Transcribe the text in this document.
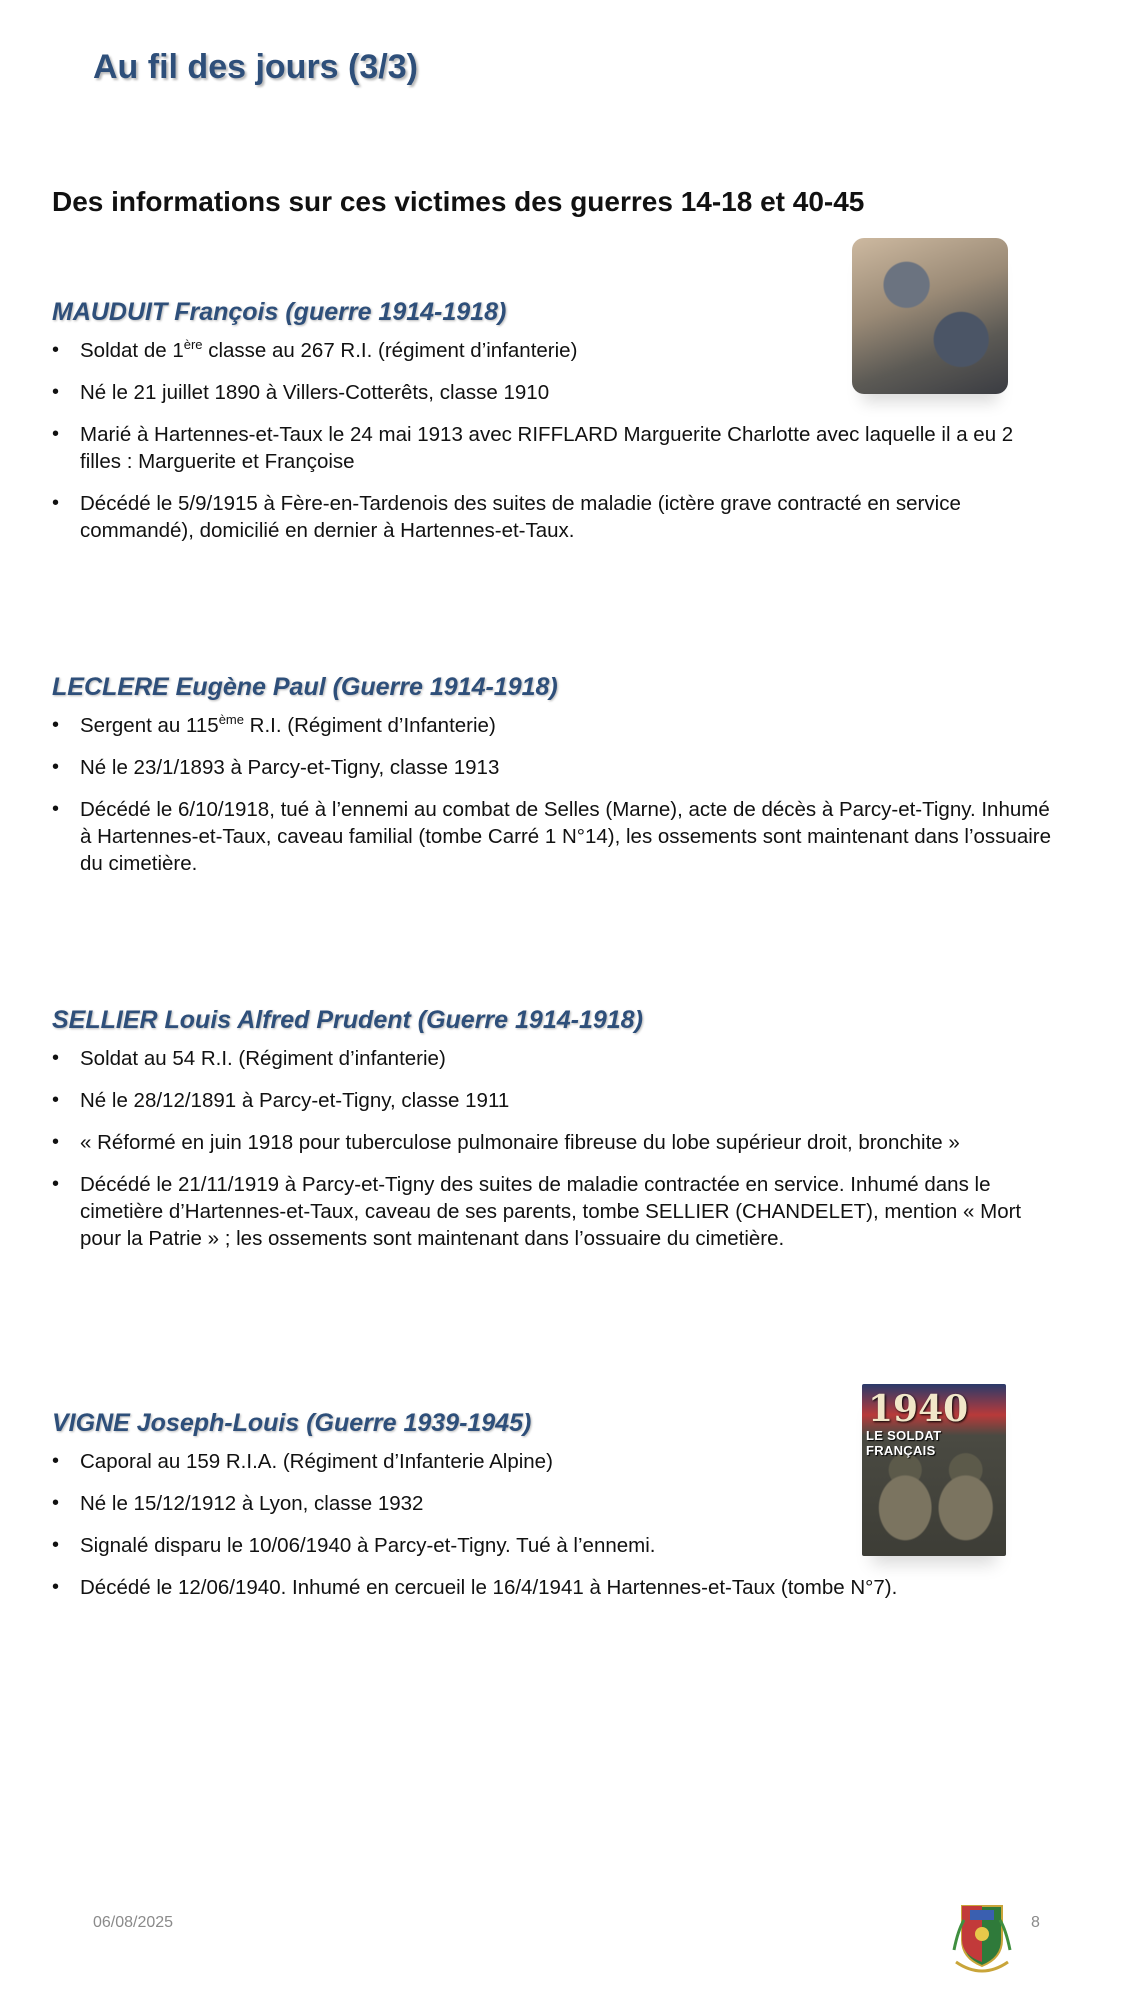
Au fil des jours (3/3)
Des informations sur ces victimes des guerres 14-18 et 40-45
MAUDUIT François (guerre 1914-1918)
• Soldat de 1ère classe au 267 R.I. (régiment d’infanterie)
• Né le 21 juillet 1890 à Villers-Cotterêts, classe 1910
• Marié à Hartennes-et-Taux le 24 mai 1913 avec RIFFLARD Marguerite Charlotte avec laquelle il a eu 2 filles : Marguerite et Françoise
• Décédé le 5/9/1915 à Fère-en-Tardenois des suites de maladie (ictère grave contracté en service commandé), domicilié en dernier à Hartennes-et-Taux.
LECLERE Eugène Paul (Guerre 1914-1918)
• Sergent au 115ème R.I. (Régiment d’Infanterie)
• Né le 23/1/1893 à Parcy-et-Tigny, classe 1913
• Décédé le 6/10/1918, tué à l’ennemi au combat de Selles (Marne), acte de décès à Parcy-et-Tigny. Inhumé à Hartennes-et-Taux, caveau familial (tombe Carré 1 N°14), les ossements sont maintenant dans l’ossuaire du cimetière.
SELLIER Louis Alfred Prudent (Guerre 1914-1918)
• Soldat au 54 R.I. (Régiment d’infanterie)
• Né le 28/12/1891 à Parcy-et-Tigny, classe 1911
• « Réformé en juin 1918 pour tuberculose pulmonaire fibreuse du lobe supérieur droit, bronchite »
• Décédé le 21/11/1919 à Parcy-et-Tigny des suites de maladie contractée en service. Inhumé dans le cimetière d’Hartennes-et-Taux, caveau de ses parents, tombe SELLIER (CHANDELET), mention « Mort pour la Patrie » ; les ossements sont maintenant dans l’ossuaire du cimetière.
VIGNE Joseph-Louis (Guerre 1939-1945)
• Caporal au 159 R.I.A. (Régiment d’Infanterie Alpine)
• Né le 15/12/1912 à Lyon, classe 1932
• Signalé disparu le 10/06/1940 à Parcy-et-Tigny. Tué à l’ennemi.
• Décédé le 12/06/1940. Inhumé en cercueil le 16/4/1941 à Hartennes-et-Taux (tombe N°7).
1940
LE SOLDAT FRANÇAIS
06/08/2025	8
